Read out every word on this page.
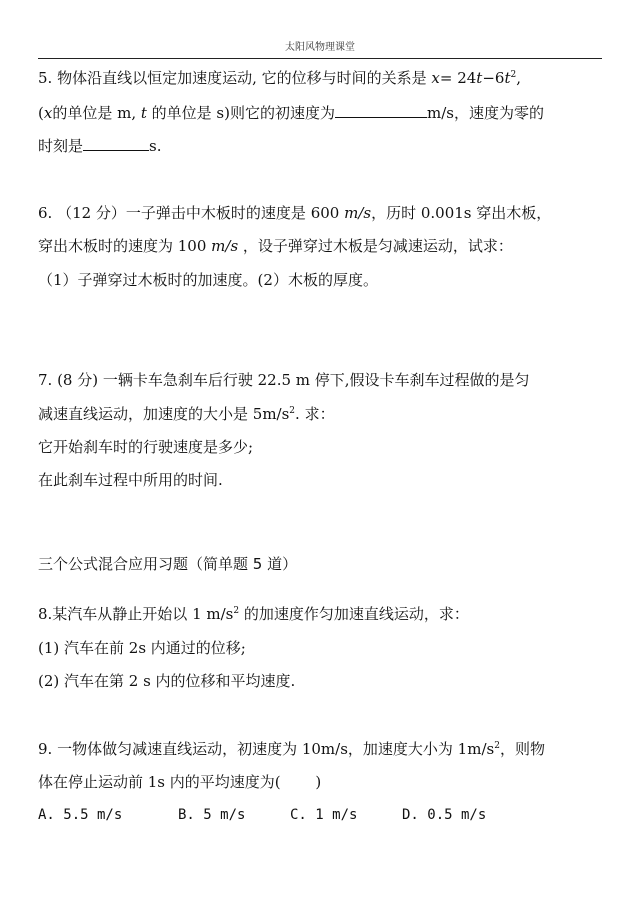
太阳风物理课堂
5. 物体沿直线以恒定加速度运动, 它的位移与时间的关系是 $x= 24t-6t^2$,
(x的单位是 m, t 的单位是 s)则它的初速度为	m/s，速度为零的
时刻是	s.
6. （12 分）一子弹击中木板时的速度是 600 m/s，历时 0.001s 穿出木板，
穿出木板时的速度为 100 m/s ，设子弹穿过木板是匀减速运动，试求：
（1）子弹穿过木板时的加速度。(2）木板的厚度。
7. (8 分) 一辆卡车急刹车后行驶 22.5 m 停下,假设卡车刹车过程做的是匀
减速直线运动，加速度的大小是 $5m/s^2$. 求：
它开始刹车时的行驶速度是多少;
在此刹车过程中所用的时间.
三个公式混合应用习题（简单题 5 道）
8.某汽车从静止开始以 1 $m/s^2$ 的加速度作匀加速直线运动，求：
(1) 汽车在前 2s 内通过的位移;
(2) 汽车在第 2 s 内的位移和平均速度.
9. 一物体做匀减速直线运动，初速度为 10m/s，加速度大小为 $1m/s^2$，则物
体在停止运动前 1s 内的平均速度为(　　 )
A. 5.5 m/s	B. 5 m/s	C. 1 m/s	D. 0.5 m/s
